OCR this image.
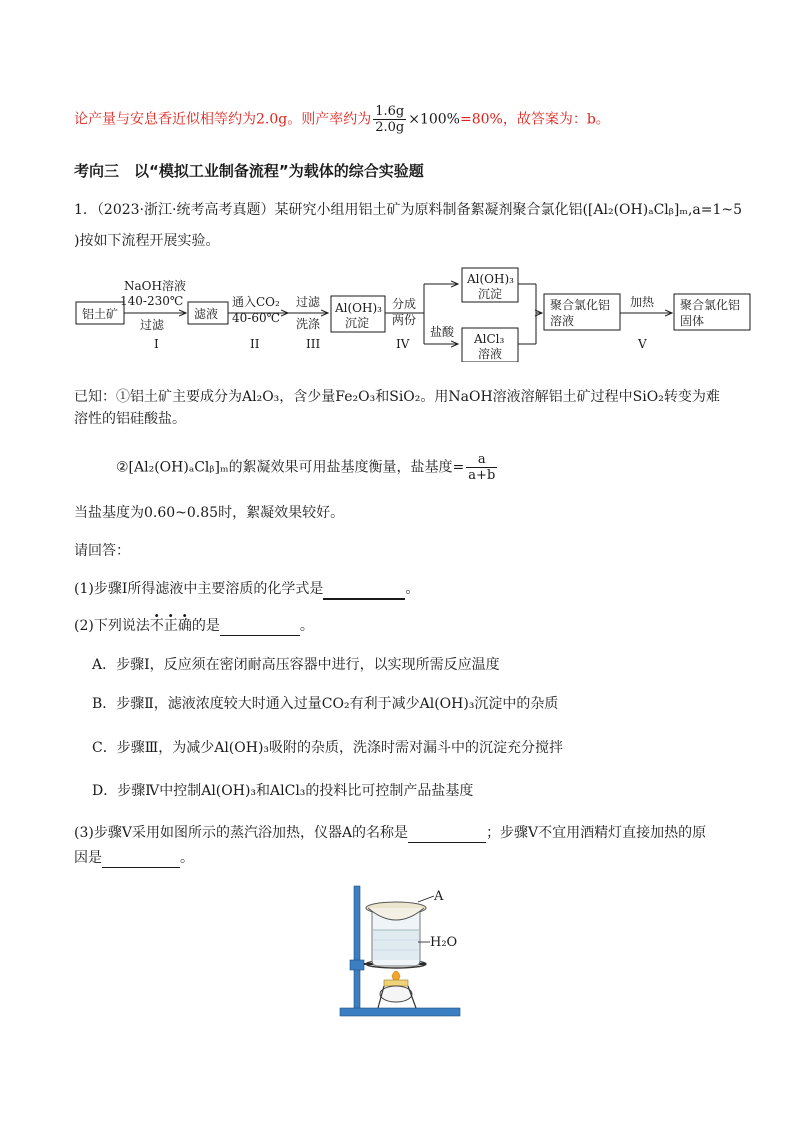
论产量与安息香近似相等约为2.0g。则产率约为 $\frac{1.6g}{2.0g} \times 100\%=80\%$，故答案为：b。
考向三　以“模拟工业制备流程”为载体的综合实验题
1．（2023·浙江·统考高考真题）某研究小组用铝土矿为原料制备絮凝剂聚合氯化铝([Al₂(OH)ₐClᵦ]ₘ,a=1~5
)按如下流程开展实验。
铝土矿
NaOH溶液
140-230℃
过滤
I
滤液
通入CO₂
40-60℃
II
过滤
洗涤
III
Al(OH)₃
沉淀
分成
两份
IV
Al(OH)₃
沉淀
盐酸 AlCl₃
溶液
聚合氯化铝
溶液
加热
V
聚合氯化铝
固体
已知：①铝土矿主要成分为Al₂O₃，含少量Fe₂O₃和SiO₂。用NaOH溶液溶解铝土矿过程中SiO₂转变为难
溶性的铝硅酸盐。
②[Al₂(OH)ₐClᵦ]ₘ的絮凝效果可用盐基度衡量，盐基度= $\frac{a}{a+b}$
当盐基度为0.60~0.85时，絮凝效果较好。
请回答：
(1)步骤Ⅰ所得滤液中主要溶质的化学式是	。
(2)下列说法不正确的是	。
A．步骤Ⅰ，反应须在密闭耐高压容器中进行，以实现所需反应温度
B．步骤Ⅱ，滤液浓度较大时通入过量CO₂有利于减少Al(OH)₃沉淀中的杂质
C．步骤Ⅲ，为减少Al(OH)₃吸附的杂质，洗涤时需对漏斗中的沉淀充分搅拌
D．步骤Ⅳ中控制Al(OH)₃和AlCl₃的投料比可控制产品盐基度
(3)步骤Ⅴ采用如图所示的蒸汽浴加热，仪器A的名称是	；步骤Ⅴ不宜用酒精灯直接加热的原
因是	。
A
H₂O
